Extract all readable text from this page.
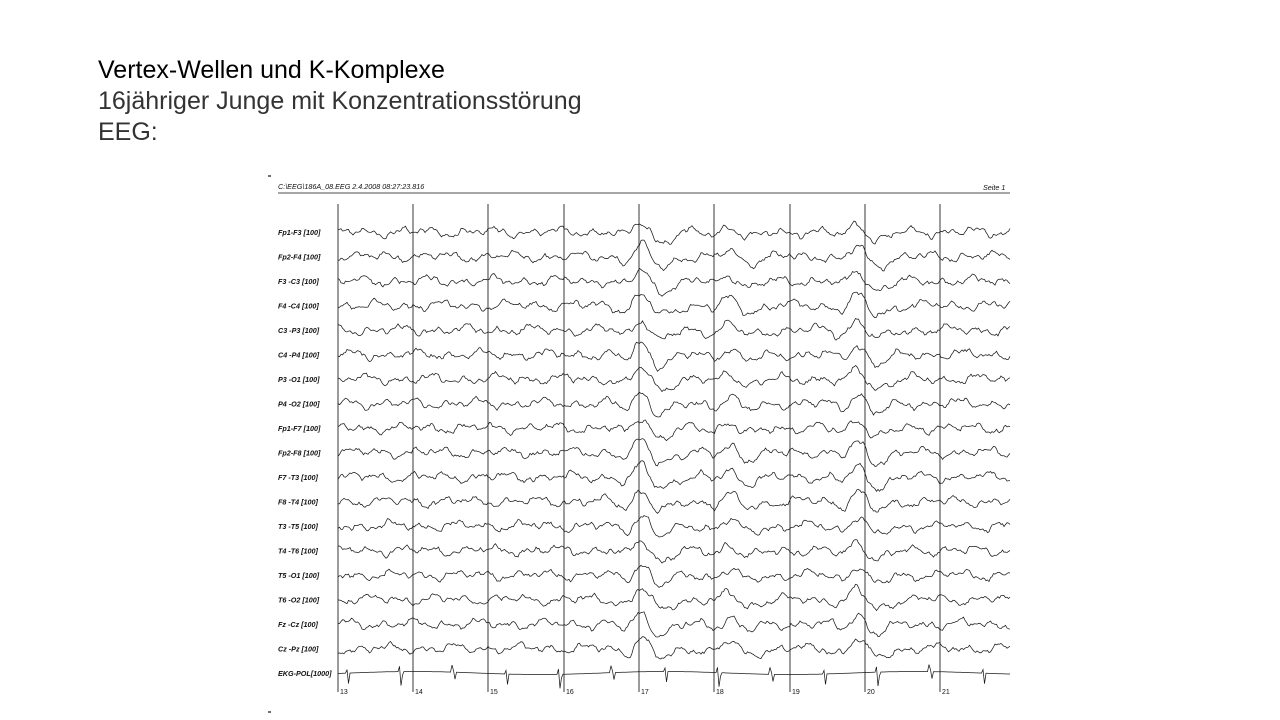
Vertex-Wellen und K-Komplexe
16jähriger Junge mit Konzentrationsstörung
EEG:
C:\EEG\186A_08.EEG 2.4.2008 08:27:23.816	Seite 1
Fp1-F3 [100]
Fp2-F4 [100]
F3 -C3 [100]
F4 -C4 [100]
C3 -P3 [100]
C4 -P4 [100]
P3 -O1 [100]
P4 -O2 [100]
Fp1-F7 [100]
Fp2-F8 [100]
F7 -T3 [100]
F8 -T4 [100]
T3 -T5 [100]
T4 -T6 [100]
T5 -O1 [100]
T6 -O2 [100]
Fz -Cz [100]
Cz -Pz [100]
EKG-POL[1000]
13	14	15	16	17	18	19	20	21
